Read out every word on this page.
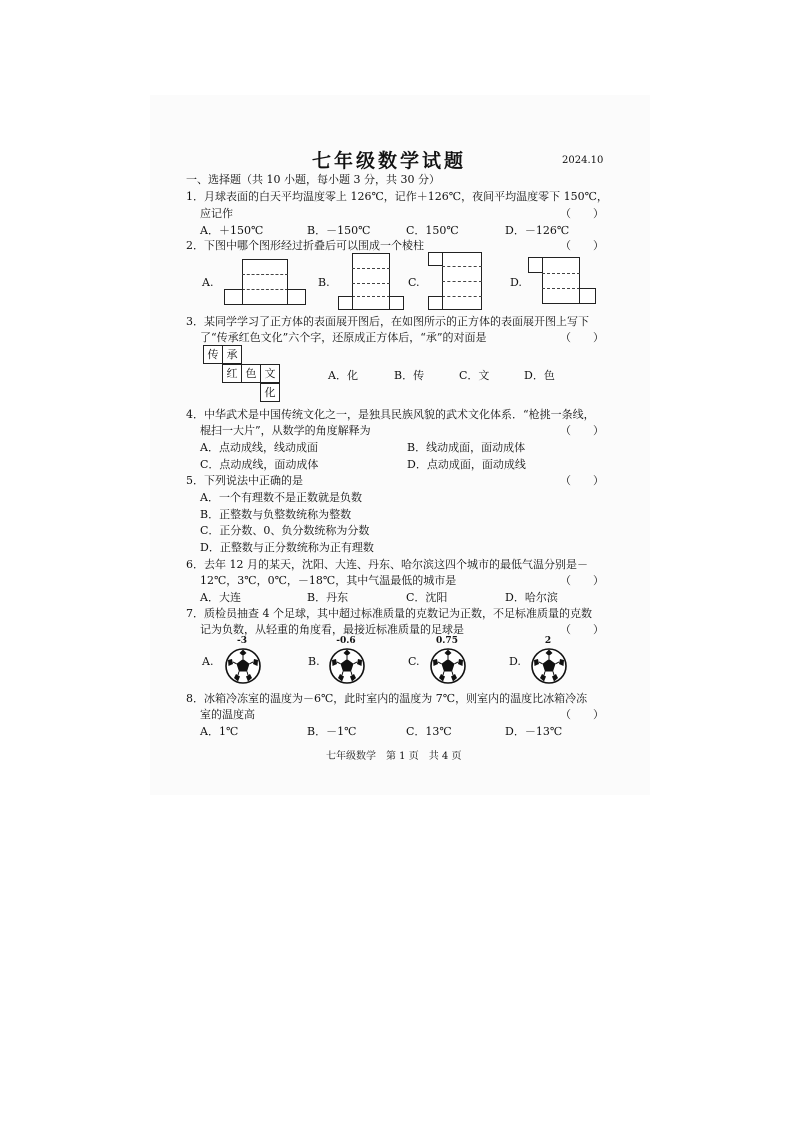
七年级数学试题	2024.10
一、选择题（共 10 小题，每小题 3 分，共 30 分）
1．月球表面的白天平均温度零上 126℃，记作＋126℃，夜间平均温度零下 150℃，
应记作	（　　）
A．＋150℃	B．－150℃	C．150℃	D．－126℃
2．下图中哪个图形经过折叠后可以围成一个棱柱	（　　）
A.	B.	C.	D.
3．某同学学习了正方体的表面展开图后，在如图所示的正方体的表面展开图上写下
了“传承红色文化”六个字，还原成正方体后，“承”的对面是	（　　）
传 承
红 色 文
化
A．化	B．传	C．文	D．色
4．中华武术是中国传统文化之一，是独具民族风貌的武术文化体系．“枪挑一条线，
棍扫一大片”，从数学的角度解释为	（　　）
A．点动成线，线动成面	B．线动成面，面动成体
C．点动成线，面动成体	D．点动成面，面动成线
5．下列说法中正确的是	（　　）
A．一个有理数不是正数就是负数
B．正整数与负整数统称为整数
C．正分数、0、负分数统称为分数
D．正整数与正分数统称为正有理数
6．去年 12 月的某天，沈阳、大连、丹东、哈尔滨这四个城市的最低气温分别是－
12℃，3℃，0℃，－18℃，其中气温最低的城市是	（　　）
A．大连	B．丹东	C．沈阳	D．哈尔滨
7．质检员抽查 4 个足球，其中超过标准质量的克数记为正数，不足标准质量的克数
记为负数，从轻重的角度看，最接近标准质量的足球是	（　　）
-3	-0.6	0.75	2
A.	B.	C.	D.
8．冰箱冷冻室的温度为－6℃，此时室内的温度为 7℃，则室内的温度比冰箱冷冻
室的温度高	（　　）
A．1℃	B．－1℃	C．13℃	D．－13℃
七年级数学　第 1 页　共 4 页
